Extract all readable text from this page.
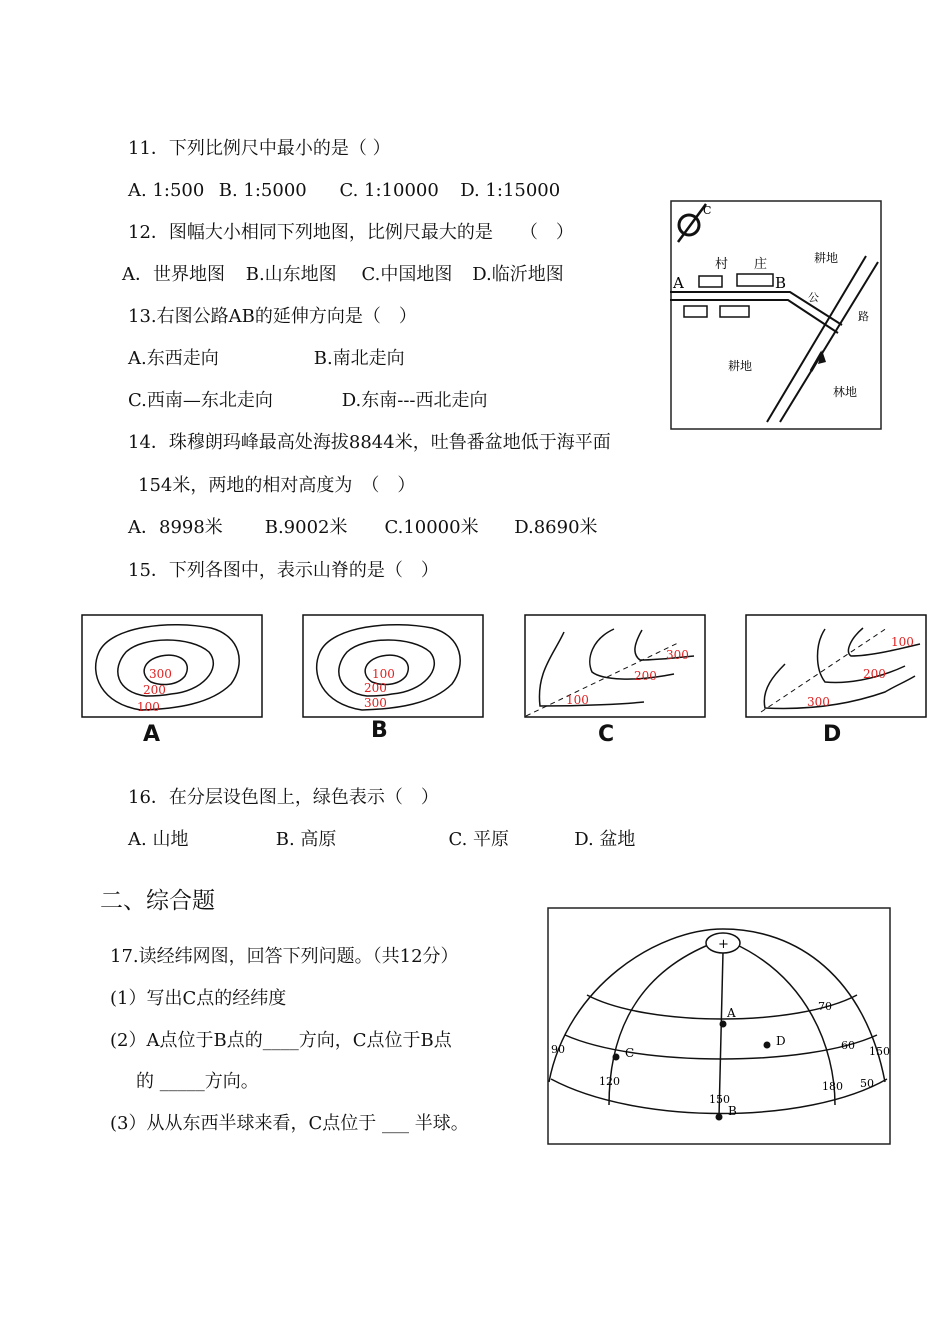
11．下列比例尺中最小的是（ ）
A. 1:500 B. 1:5000 C. 1:10000 D. 1:15000
12．图幅大小相同下列地图，比例尺最大的是　　（　）
A．世界地图 B.山东地图 C.中国地图 D.临沂地图
13.右图公路AB的延伸方向是（　）
A.东西走向	B.南北走向
C.西南—东北走向	D.东南---西北走向
14．珠穆朗玛峰最高处海拔8844米，吐鲁番盆地低于海平面
154米，两地的相对高度为　（　）
A．8998米 B.9002米 C.10000米 D.8690米
15．下列各图中，表示山脊的是（　）
C
村 庄	耕地
A	B
公
路
耕地
林地
300
200
100
A
100
200
300
B
300
200
100
C
100
200
300
D
16．在分层设色图上，绿色表示（　）
A. 山地	B. 高原	C. 平原	D. 盆地
二、综合题
17.读经纬网图，回答下列问题。（共12分）
(1）写出C点的经纬度
(2）A点位于B点的____方向，C点位于B点
的 _____方向。
(3）从从东西半球来看，C点位于 ___ 半球。
+
A
D
C
B
70
60
50
90
120
150
180
150
